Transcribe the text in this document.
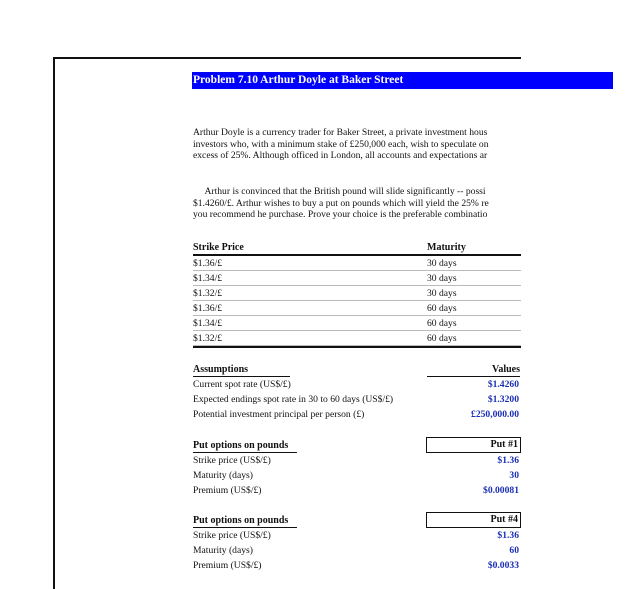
Problem 7.10 Arthur Doyle at Baker Street
Arthur Doyle is a currency trader for Baker Street, a private investment hous
investors who, with a minimum stake of £250,000 each, wish to speculate on
excess of 25%. Although officed in London, all accounts and expectations ar
Arthur is convinced that the British pound will slide significantly -- possi
$1.4260/£. Arthur wishes to buy a put on pounds which will yield the 25% re
you recommend he purchase. Prove your choice is the preferable combinatio
Strike Price	Maturity
$1.36/£	30 days
$1.34/£	30 days
$1.32/£	30 days
$1.36/£	60 days
$1.34/£	60 days
$1.32/£	60 days
Assumptions	Values
Current spot rate (US$/£)	$1.4260
Expected endings spot rate in 30 to 60 days (US$/£)	$1.3200
Potential investment principal per person (£)	£250,000.00
Put options on pounds	Put #1
Strike price (US$/£)	$1.36
Maturity (days)	30
Premium (US$/£)	$0.00081
Put options on pounds	Put #4
Strike price (US$/£)	$1.36
Maturity (days)	60
Premium (US$/£)	$0.0033
